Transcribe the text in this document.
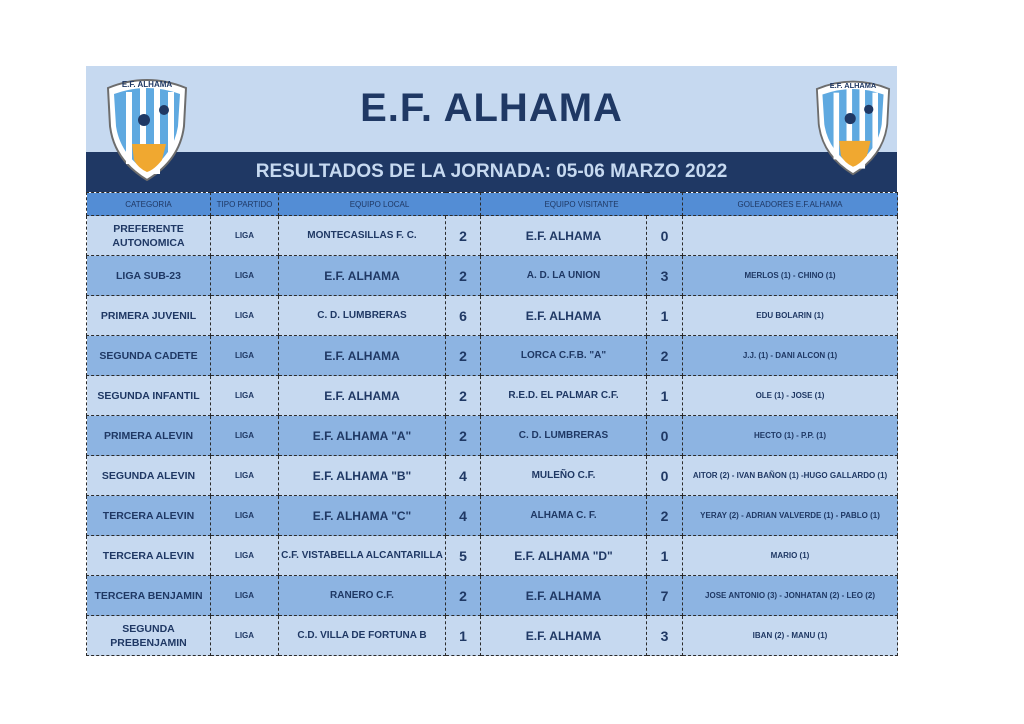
E.F. ALHAMA
E.F. ALHAMA
E.F. ALHAMA
RESULTADOS DE LA JORNADA: 05-06 MARZO 2022
CATEGORIA	TIPO PARTIDO	EQUIPO LOCAL		EQUIPO VISITANTE		GOLEADORES E.F.ALHAMA
PREFERENTE AUTONOMICA	LIGA	MONTECASILLAS F. C.	2	E.F. ALHAMA	0	
LIGA SUB-23	LIGA	E.F. ALHAMA	2	A. D. LA UNION	3	MERLOS (1) - CHINO (1)
PRIMERA JUVENIL	LIGA	C. D. LUMBRERAS	6	E.F. ALHAMA	1	EDU BOLARIN (1)
SEGUNDA CADETE	LIGA	E.F. ALHAMA	2	LORCA C.F.B. "A"	2	J.J. (1) - DANI ALCON (1)
SEGUNDA INFANTIL	LIGA	E.F. ALHAMA	2	R.E.D. EL PALMAR C.F.	1	OLE (1) - JOSE (1)
PRIMERA ALEVIN	LIGA	E.F. ALHAMA "A"	2	C. D. LUMBRERAS	0	HECTO (1) - P.P. (1)
SEGUNDA ALEVIN	LIGA	E.F. ALHAMA "B"	4	MULEÑO C.F.	0	AITOR (2) - IVAN BAÑON (1) -HUGO GALLARDO (1)
TERCERA ALEVIN	LIGA	E.F. ALHAMA "C"	4	ALHAMA C. F.	2	YERAY (2) - ADRIAN VALVERDE (1) - PABLO (1)
TERCERA ALEVIN	LIGA	C.F. VISTABELLA ALCANTARILLA	5	E.F. ALHAMA "D"	1	MARIO (1)
TERCERA BENJAMIN	LIGA	RANERO C.F.	2	E.F. ALHAMA	7	JOSE ANTONIO (3) - JONHATAN (2) - LEO (2)
SEGUNDA PREBENJAMIN	LIGA	C.D. VILLA DE FORTUNA B	1	E.F. ALHAMA	3	IBAN (2) - MANU (1)
